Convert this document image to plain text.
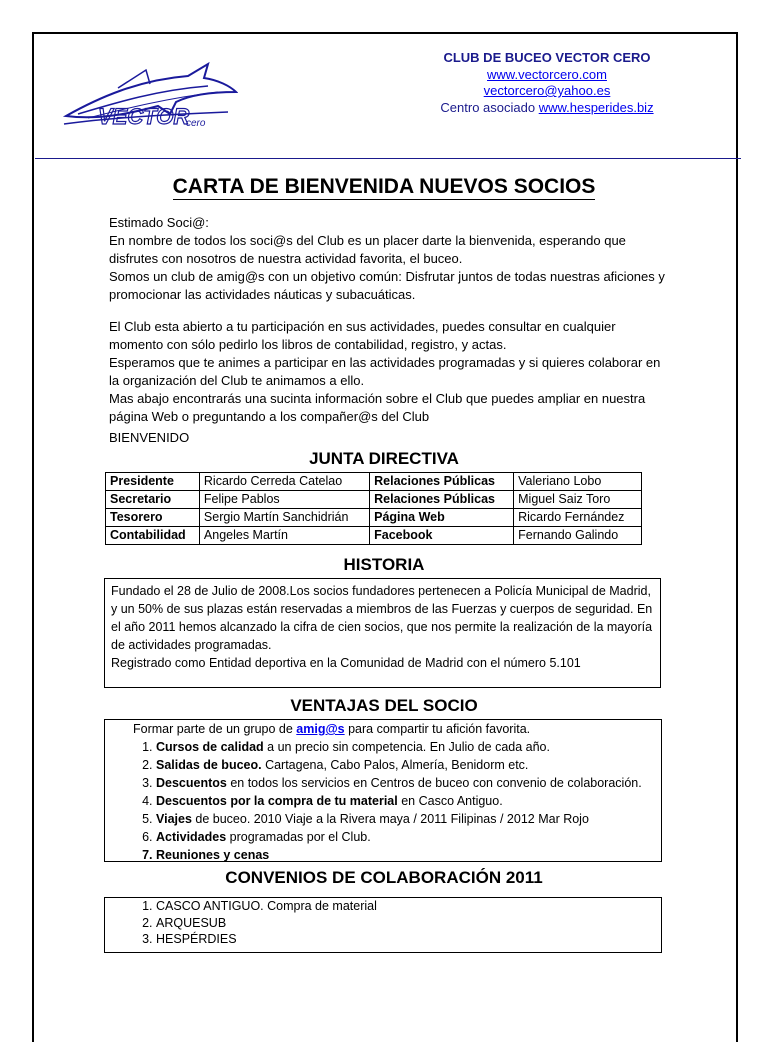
VECTOR
cero
CLUB DE BUCEO VECTOR CERO
www.vectorcero.com
vectorcero@yahoo.es
Centro asociado www.hesperides.biz
CARTA DE BIENVENIDA NUEVOS SOCIOS

Estimado Soci@:

En nombre de todos los soci@s del Club es un placer darte la bienvenida, esperando que disfrutes con nosotros de nuestra actividad favorita, el buceo.

Somos un club de amig@s con un objetivo común: Disfrutar juntos de todas nuestras aficiones y promocionar las actividades náuticas y subacuáticas.

El Club esta abierto a tu participación en sus actividades, puedes consultar en cualquier momento con sólo pedirlo los libros de contabilidad, registro, y actas.

Esperamos que te animes a participar en las actividades programadas y si quieres colaborar en la organización del Club te animamos a ello.

Mas abajo encontrarás una sucinta información sobre el Club que puedes ampliar en nuestra página Web o preguntando a los compañer@s del Club

BIENVENIDO

JUNTA DIRECTIVA
Presidente	Ricardo Cerreda Catelao	Relaciones Públicas	Valeriano Lobo
Secretario	Felipe Pablos	Relaciones Públicas	Miguel Saiz Toro
Tesorero	Sergio Martín Sanchidrián	Página Web	Ricardo Fernández
Contabilidad	Angeles Martín	Facebook	Fernando Galindo
HISTORIA
Fundado el 28 de Julio de 2008.Los socios fundadores pertenecen a Policía Municipal de Madrid, y un 50% de sus plazas están reservadas a miembros de las Fuerzas y cuerpos de seguridad. En el año 2011 hemos alcanzado la cifra de cien socios, que nos permite la realización de la mayoría de actividades programadas.
Registrado como Entidad deportiva en la Comunidad de Madrid con el número 5.101
VENTAJAS DEL SOCIO
Formar parte de un grupo de amig@s para compartir tu afición favorita.
1. Cursos de calidad a un precio sin competencia. En Julio de cada año.
2. Salidas de buceo. Cartagena, Cabo Palos, Almería, Benidorm etc.
3. Descuentos en todos los servicios en Centros de buceo con convenio de colaboración.
4. Descuentos por la compra de tu material en Casco Antiguo.
5. Viajes de buceo. 2010 Viaje a la Rivera maya / 2011 Filipinas / 2012 Mar Rojo
6. Actividades programadas por el Club.
7. Reuniones y cenas
CONVENIOS DE COLABORACIÓN 2011
1. CASCO ANTIGUO. Compra de material
2. ARQUESUB
3. HESPÉRDIES
